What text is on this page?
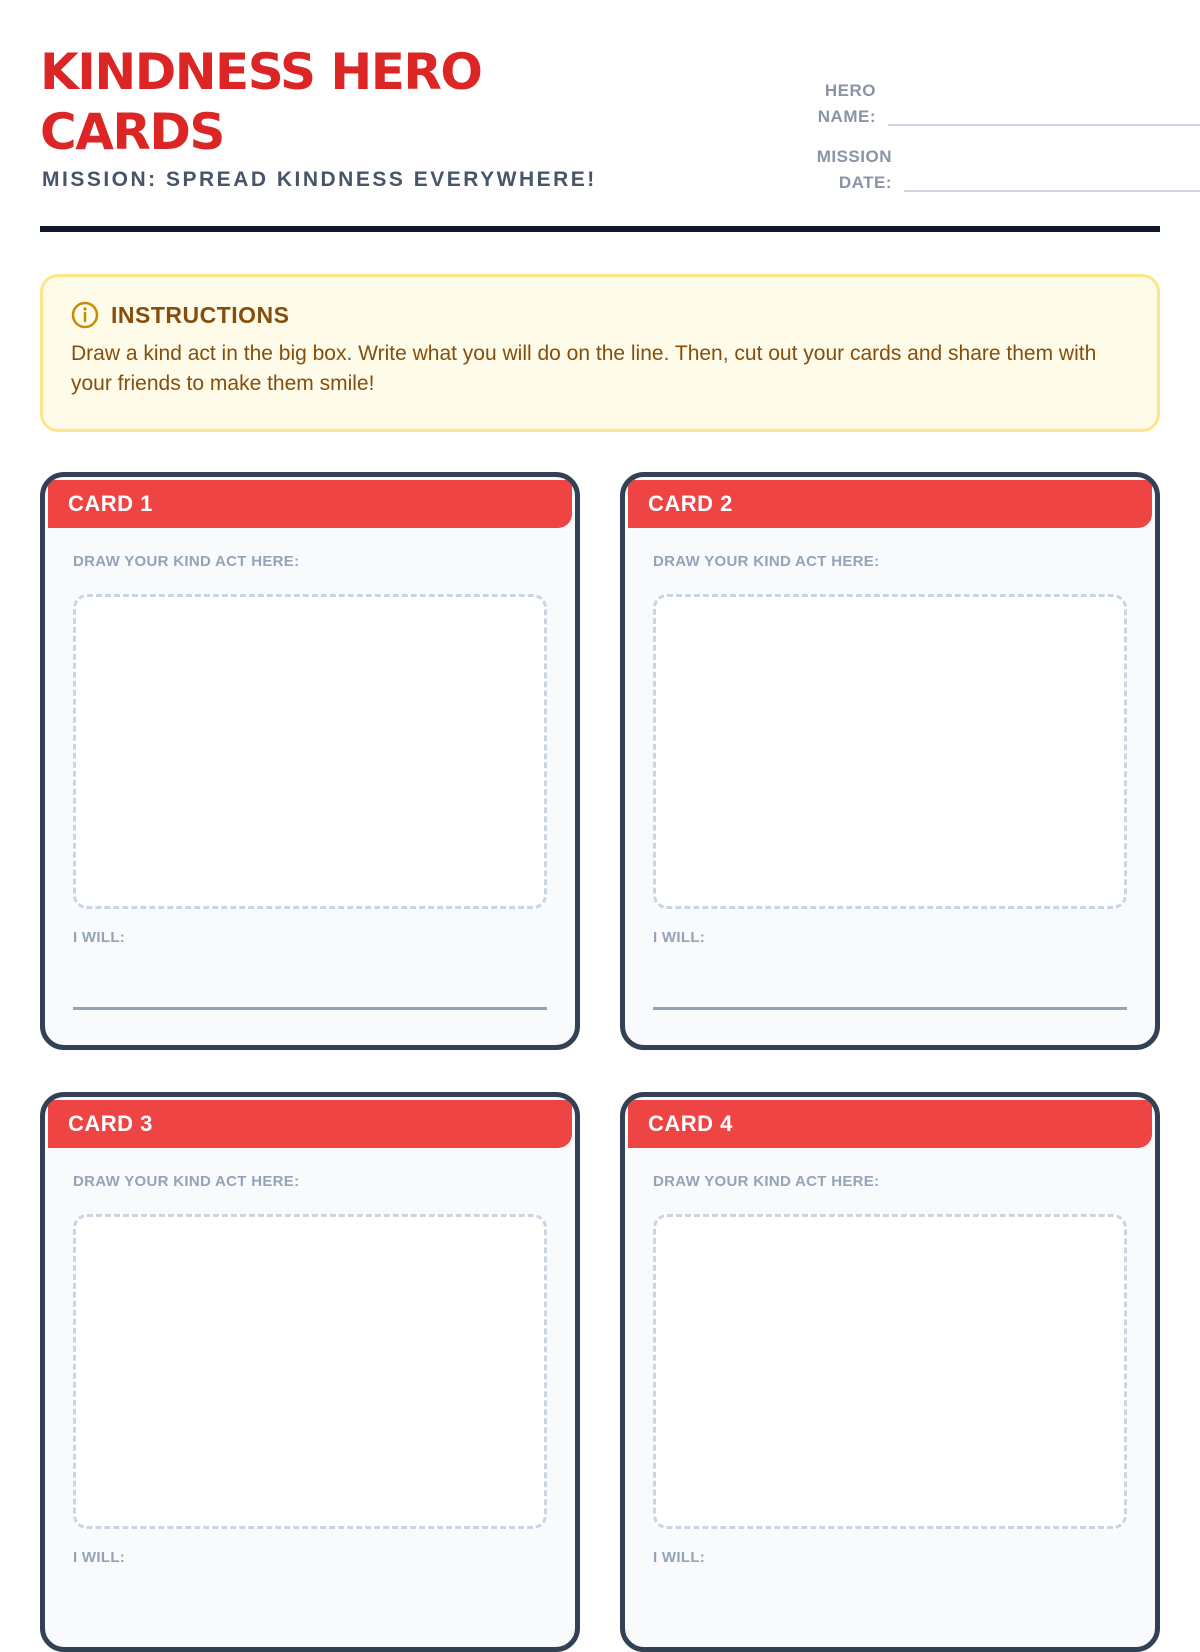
KINDNESS HERO CARDS
MISSION: SPREAD KINDNESS EVERYWHERE!
HERO NAME:
MISSION DATE:
INSTRUCTIONS
Draw a kind act in the big box. Write what you will do on the line. Then, cut out your cards and share them with your friends to make them smile!
CARD 1
DRAW YOUR KIND ACT HERE:
I WILL:
CARD 2
DRAW YOUR KIND ACT HERE:
I WILL:
CARD 3
DRAW YOUR KIND ACT HERE:
I WILL:
CARD 4
DRAW YOUR KIND ACT HERE:
I WILL:
